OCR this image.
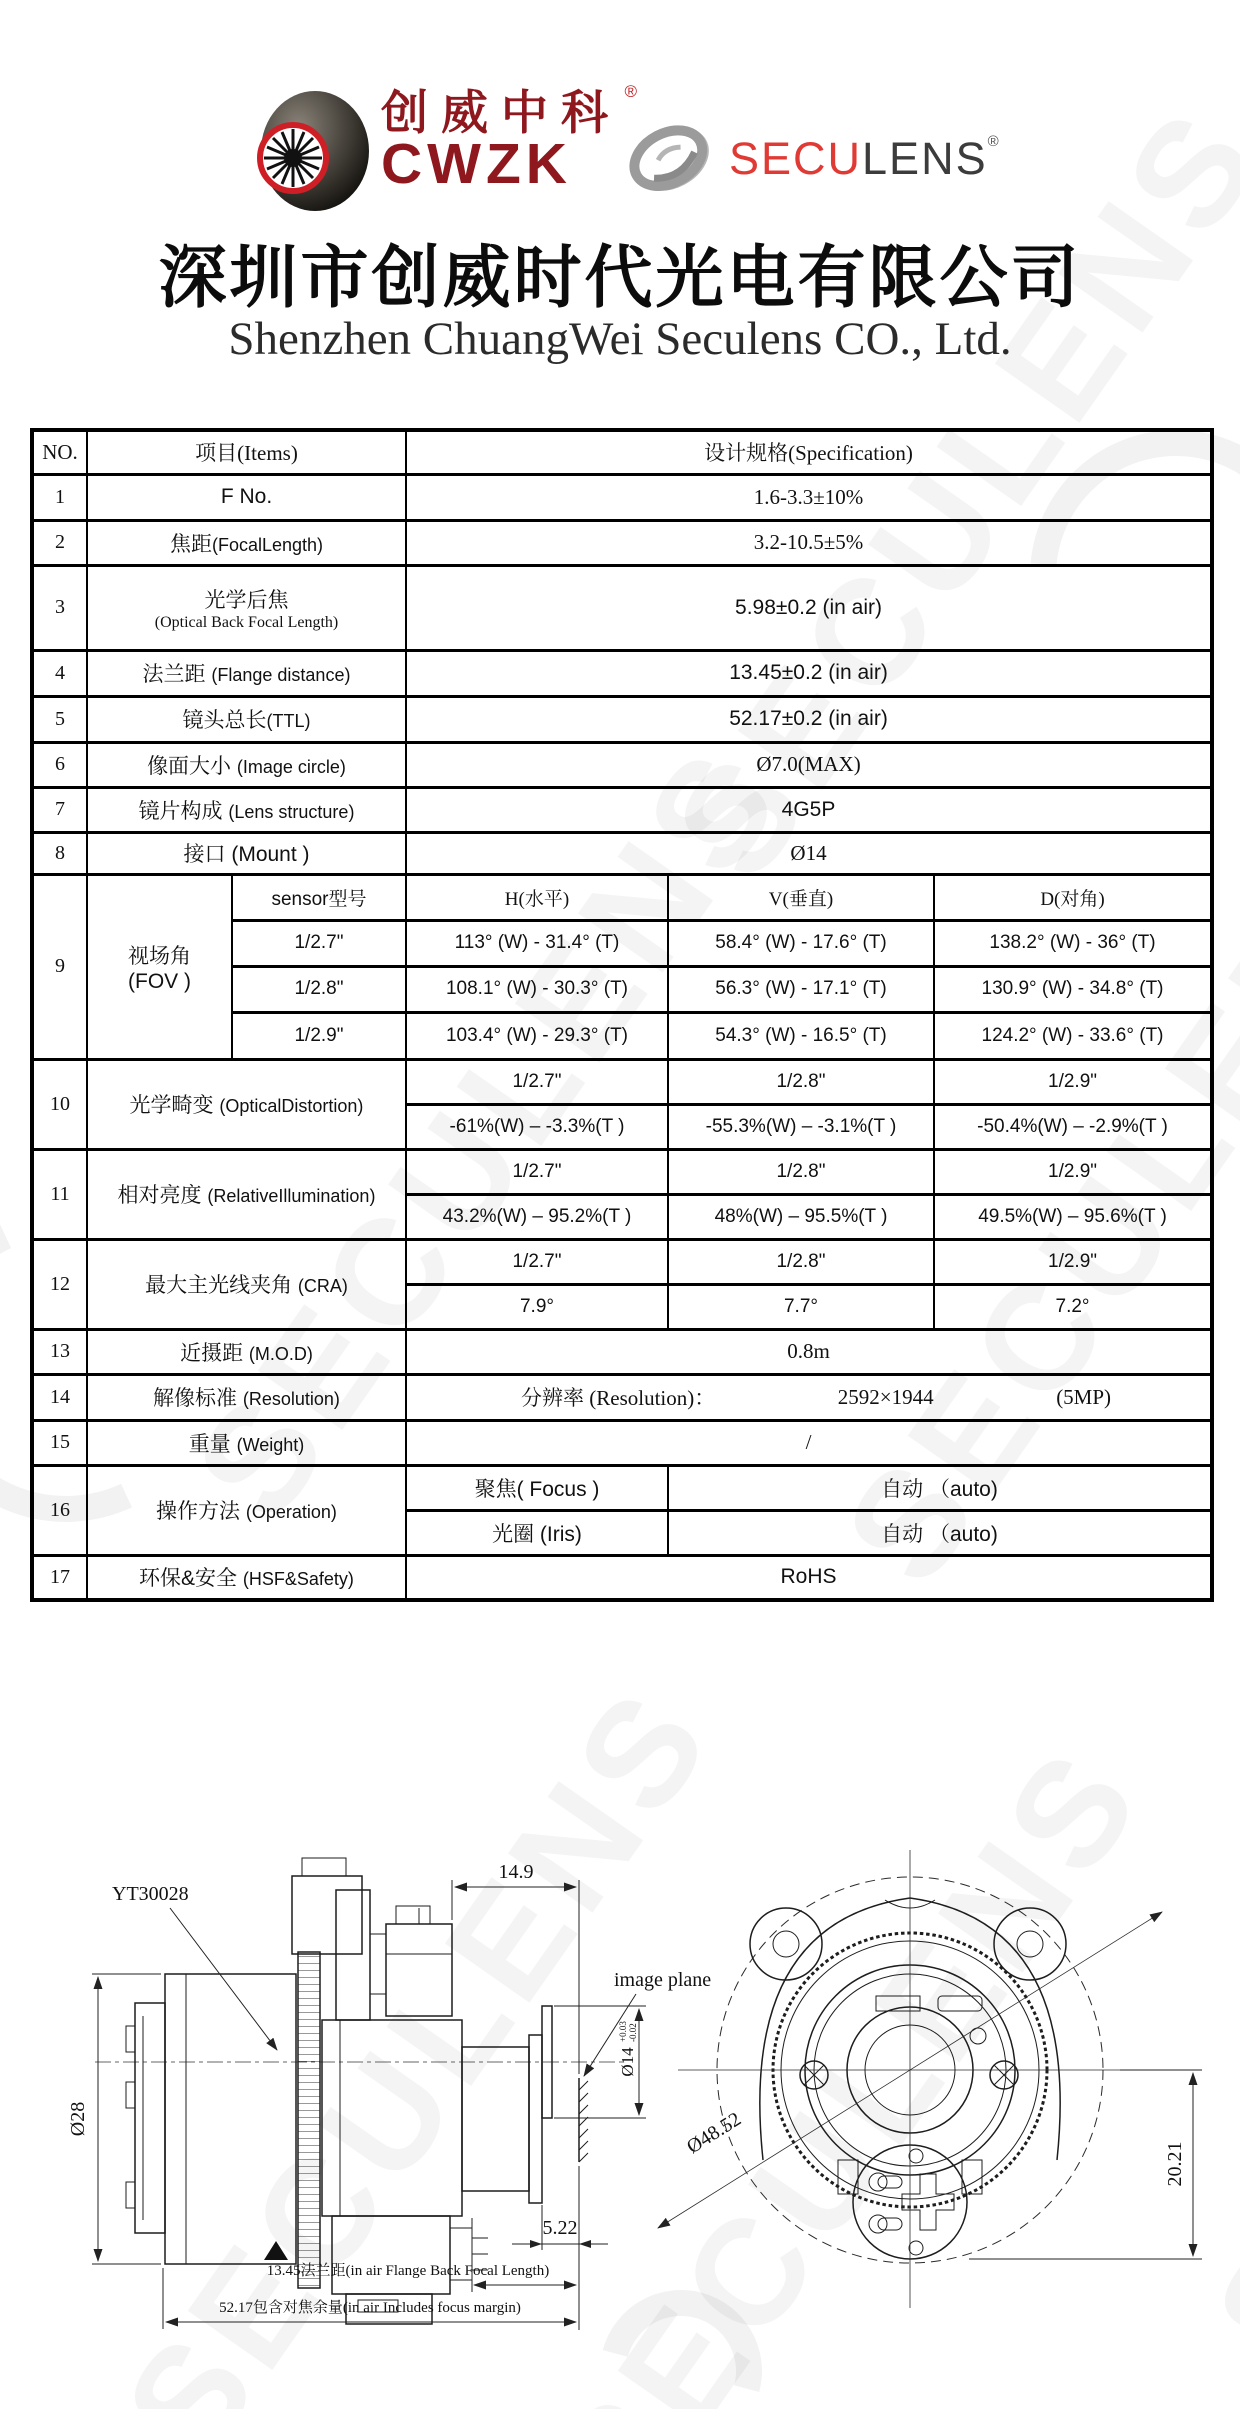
创威中科 ®
CWZK	SECULENS®
深圳市创威时代光电有限公司
Shenzhen ChuangWei Seculens CO., Ltd.
NO.	项目(Items)		设计规格(Specification)		
1	F No.		1.6-3.3±10%		
2	焦距(FocalLength)		3.2-10.5±5%		
3	光学后焦
(Optical Back Focal Length)		5.98±0.2 (in air)		
4	法兰距 (Flange distance)		13.45±0.2 (in air)		
5	镜头总长(TTL)		52.17±0.2 (in air)		
6	像面大小 (Image circle)		Ø7.0(MAX)		
7	镜片构成 (Lens structure)		4G5P		
8	接口 (Mount )		Ø14		
9	视场角
(FOV )	sensor型号	H(水平)	V(垂直)	D(对角)
		1/2.7"	113° (W) - 31.4° (T)	58.4° (W) - 17.6° (T)	138.2° (W) - 36° (T)
		1/2.8"	108.1° (W) - 30.3° (T)	56.3° (W) - 17.1° (T)	130.9° (W) - 34.8° (T)
		1/2.9"	103.4° (W) - 29.3° (T)	54.3° (W) - 16.5° (T)	124.2° (W) - 33.6° (T)
10	光学畸变 (OpticalDistortion)		1/2.7"	1/2.8"	1/2.9"
			-61%(W) – -3.3%(T )	-55.3%(W) – -3.1%(T )	-50.4%(W) – -2.9%(T )
11	相对亮度 (RelativeIllumination)		1/2.7"	1/2.8"	1/2.9"
			43.2%(W) – 95.2%(T )	48%(W) – 95.5%(T )	49.5%(W) – 95.6%(T )
12	最大主光线夹角 (CRA)		1/2.7"	1/2.8"	1/2.9"
			7.9°	7.7°	7.2°
13	近摄距 (M.O.D)		0.8m		
14	解像标准 (Resolution)		分辨率 (Resolution)： 2592×1944 (5MP)		

15	重量 (Weight)		/		
16	操作方法 (Operation)		聚焦( Focus )	自动 （auto)	
			光圈 (Iris)	自动 （auto)	
17	环保&安全 (HSF&Safety)		RoHS		
YT30028
Ø28
14.9
image plane
Ø14
+0.03 -0.02
5.22
13.45法兰距(in air Flange Back Focal Length)
52.17包含对焦余量(in air Includes focus margin)
Ø48.52
20.21
